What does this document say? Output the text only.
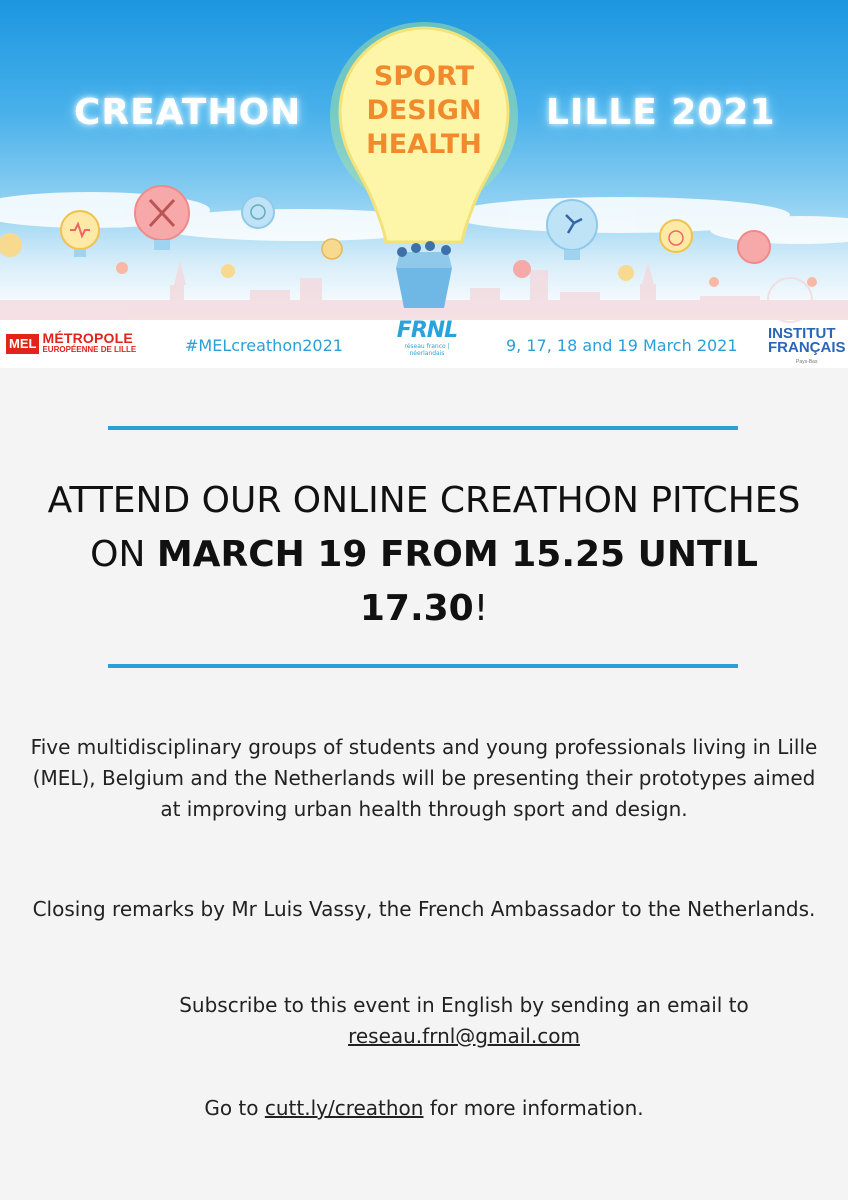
CREATHON	LILLE 2021
SPORT
DESIGN
HEALTH
MEL MÉTROPOLE
EUROPÉENNE DE LILLE	#MELcreathon2021
FRNL
réseau franco | néerlandais	9, 17, 18 and 19 March 2021
INSTITUT
FRANÇAIS
Pays-Bas
ATTEND OUR ONLINE CREATHON PITCHES ON MARCH 19 FROM 15.25 UNTIL 17.30!
Five multidisciplinary groups of students and young professionals living in Lille (MEL), Belgium and the Netherlands will be presenting their prototypes aimed at improving urban health through sport and design.
Closing remarks by Mr Luis Vassy, the French Ambassador to the Netherlands.
Subscribe to this event in English by sending an email to
reseau.frnl@gmail.com
Go to cutt.ly/creathon for more information.
